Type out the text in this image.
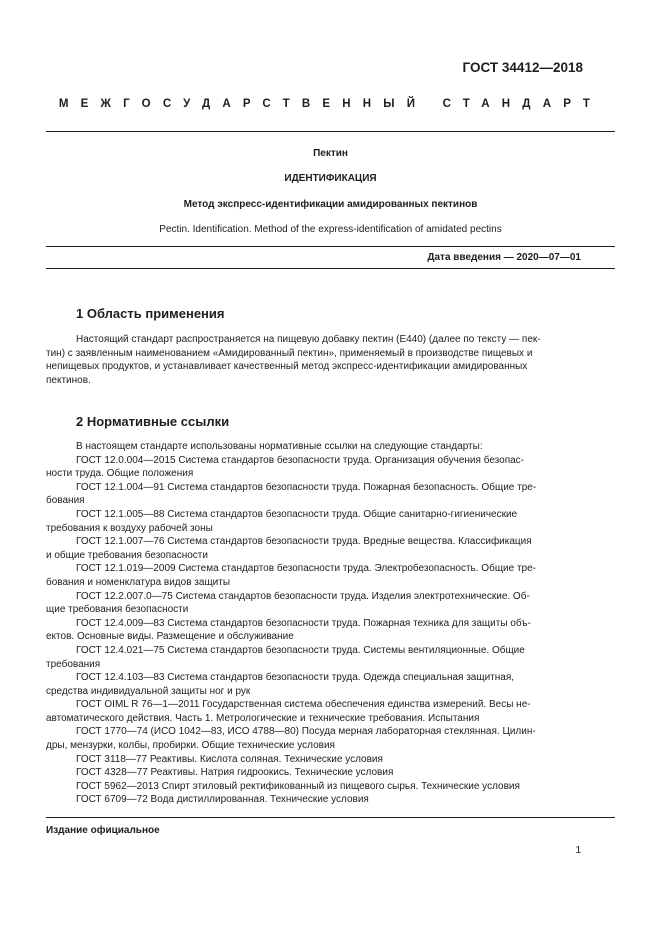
ГОСТ 34412—2018
МЕЖГОСУДАРСТВЕННЫЙ СТАНДАРТ
Пектин
ИДЕНТИФИКАЦИЯ
Метод экспресс-идентификации амидированных пектинов
Pectin. Identification. Method of the express-identification of amidated pectins
Дата введения — 2020—07—01
1 Область применения
Настоящий стандарт распространяется на пищевую добавку пектин (Е440) (далее по тексту — пек-
тин) с заявленным наименованием «Амидированный пектин», применяемый в производстве пищевых и
непищевых продуктов, и устанавливает качественный метод экспресс-идентификации амидированных
пектинов.
2 Нормативные ссылки
В настоящем стандарте использованы нормативные ссылки на следующие стандарты:
ГОСТ 12.0.004—2015 Система стандартов безопасности труда. Организация обучения безопас-
ности труда. Общие положения
ГОСТ 12.1.004—91 Система стандартов безопасности труда. Пожарная безопасность. Общие тре-
бования
ГОСТ 12.1.005—88 Система стандартов безопасности труда. Общие санитарно-гигиенические
требования к воздуху рабочей зоны
ГОСТ 12.1.007—76 Система стандартов безопасности труда. Вредные вещества. Классификация
и общие требования безопасности
ГОСТ 12.1.019—2009 Система стандартов безопасности труда. Электробезопасность. Общие тре-
бования и номенклатура видов защиты
ГОСТ 12.2.007.0—75 Система стандартов безопасности труда. Изделия электротехнические. Об-
щие требования безопасности
ГОСТ 12.4.009—83 Система стандартов безопасности труда. Пожарная техника для защиты объ-
ектов. Основные виды. Размещение и обслуживание
ГОСТ 12.4.021—75 Система стандартов безопасности труда. Системы вентиляционные. Общие
требования
ГОСТ 12.4.103—83 Система стандартов безопасности труда. Одежда специальная защитная,
средства индивидуальной защиты ног и рук
ГОСТ OIML R 76—1—2011 Государственная система обеспечения единства измерений. Весы не-
автоматического действия. Часть 1. Метрологические и технические требования. Испытания
ГОСТ 1770—74 (ИСО 1042—83, ИСО 4788—80) Посуда мерная лабораторная стеклянная. Цилин-
дры, мензурки, колбы, пробирки. Общие технические условия
ГОСТ 3118—77 Реактивы. Кислота соляная. Технические условия
ГОСТ 4328—77 Реактивы. Натрия гидроокись. Технические условия
ГОСТ 5962—2013 Спирт этиловый ректификованный из пищевого сырья. Технические условия
ГОСТ 6709—72 Вода дистиллированная. Технические условия
Издание официальное
1
